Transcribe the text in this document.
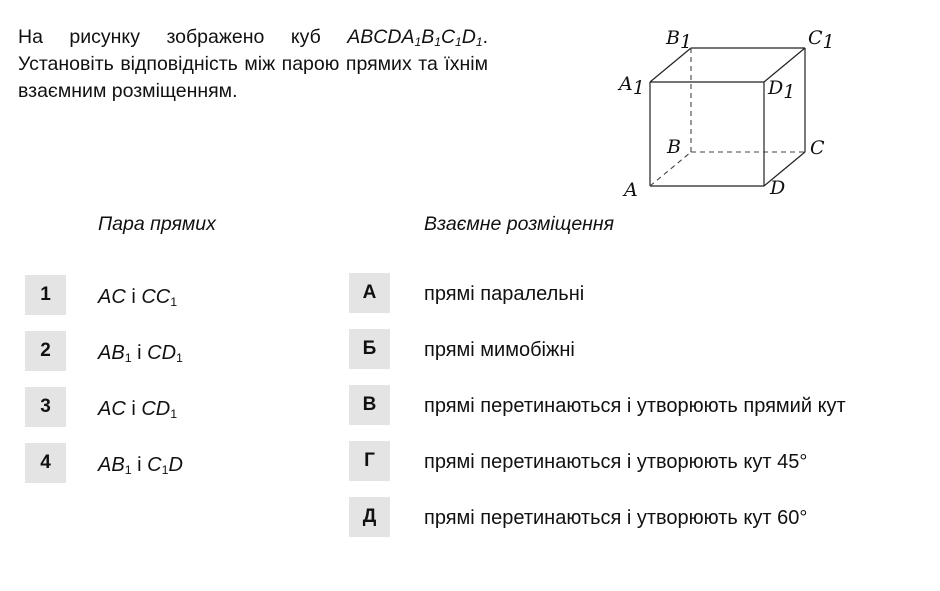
На рисунку зображено куб $ABCDA_1B_1C_1D_1$. Установіть відповідність між парою прямих та їхнім взаємним розміщенням.
B1	C1
A1	D1
B	C
A	D
Пара прямих	Взаємне розміщення
1	AC і $CC_1$
2	$AB_1$ і $CD_1$
3	AC і $CD_1$
4	$AB_1$ і $C_1D$
А	прямі паралельні
Б	прямі мимобіжні
В	прямі перетинаються і утворюють прямий кут
Г	прямі перетинаються і утворюють кут 45°
Д	прямі перетинаються і утворюють кут 60°
